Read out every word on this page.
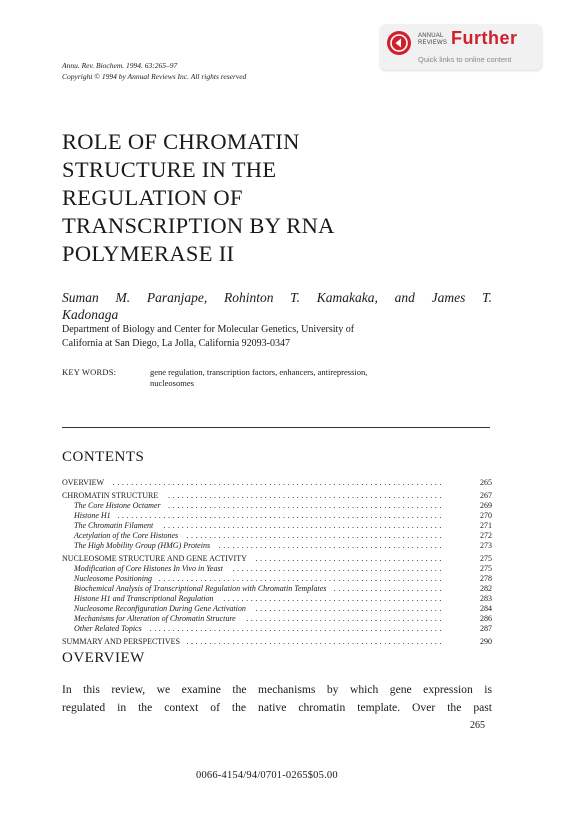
Annu. Rev. Biochem. 1994. 63:265–97
Copyright © 1994 by Annual Reviews Inc. All rights reserved
ANNUAL
REVIEWS Further
Quick links to online content
ROLE OF CHROMATIN
STRUCTURE IN THE
REGULATION OF
TRANSCRIPTION BY RNA
POLYMERASE II
Suman M. Paranjape, Rohinton T. Kamakaka, and James T.
Kadonaga
Department of Biology and Center for Molecular Genetics, University of
California at San Diego, La Jolla, California 92093-0347
KEY WORDS:	gene regulation, transcription factors, enhancers, antirepression,
nucleosomes
CONTENTS
OVERVIEW	........................................................................	265
CHROMATIN STRUCTURE	............................................................	267
The Core Histone Octamer ............................................................	269
Histone H1 .......................................................................	270
The Chromatin Filament	.............................................................	271
Acetylation of the Core Histones ........................................................	272
The High Mobility Group (HMG) Proteins	.................................................	273
NUCLEOSOME STRUCTURE AND GENE ACTIVITY	.........................................	275
Modification of Core Histones In Vivo in Yeast	..............................................	275
Nucleosome Positioning ..............................................................	278
Biochemical Analysis of Transcriptional Regulation with Chromatin Templates ........................	282
Histone H1 and Transcriptional Regulation	................................................	283
Nucleosome Reconfiguration During Gene Activation	.........................................	284
Mechanisms for Alteration of Chromatin Structure	...........................................	286
Other Related Topics ................................................................	287
SUMMARY AND PERSPECTIVES ........................................................	290
OVERVIEW
In this review, we examine the mechanisms by which gene expression is
regulated in the context of the native chromatin template. Over the past
265
0066-4154/94/0701-0265$05.00
